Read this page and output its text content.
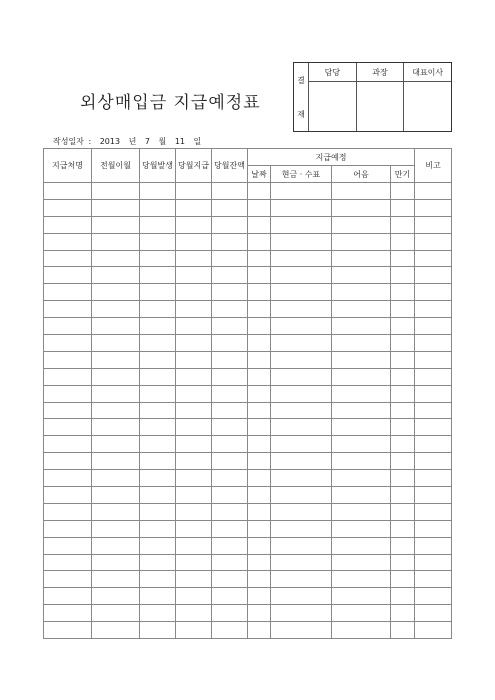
외상매입금 지급예정표
결
재
담당	과장	대표이사
작성일자 : 2013 년 7 월 11 일
지급처명	전월이월	당월발생	당월지급	당월잔액	지급예정				비고
					날짜	현금 · 수표	어음	만기	
